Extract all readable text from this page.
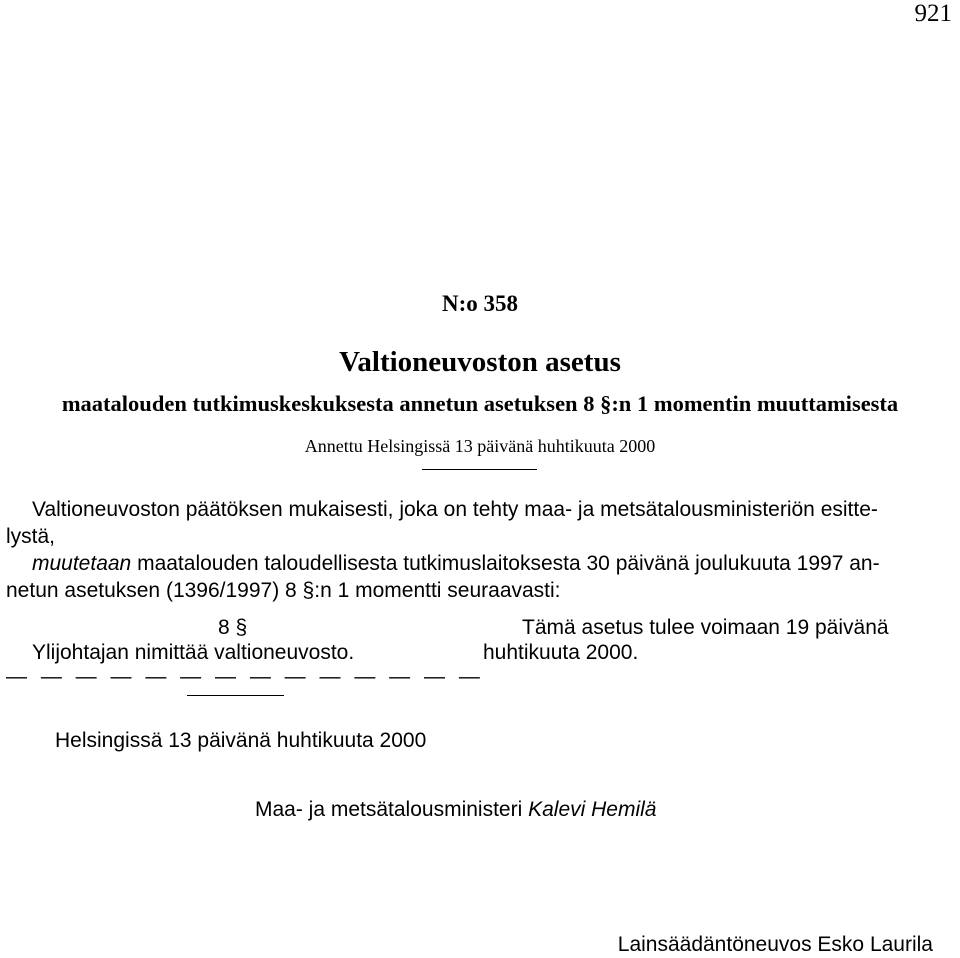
921
N:o 358
Valtioneuvoston asetus
maatalouden tutkimuskeskuksesta annetun asetuksen 8 §:n 1 momentin muuttamisesta
Annettu Helsingissä 13 päivänä huhtikuuta 2000
Valtioneuvoston päätöksen mukaisesti, joka on tehty maa- ja metsätalousministeriön esitte-
lystä,
muutetaan maatalouden taloudellisesta tutkimuslaitoksesta 30 päivänä joulukuuta 1997 an-
netun asetuksen (1396/1997) 8 §:n 1 momentti seuraavasti:
8 §
Ylijohtajan nimittää valtioneuvosto.
— — — — — — — — — — — — — —
Tämä asetus tulee voimaan 19 päivänä
huhtikuuta 2000.
Helsingissä 13 päivänä huhtikuuta 2000
Maa- ja metsätalousministeri Kalevi Hemilä
Lainsäädäntöneuvos Esko Laurila
